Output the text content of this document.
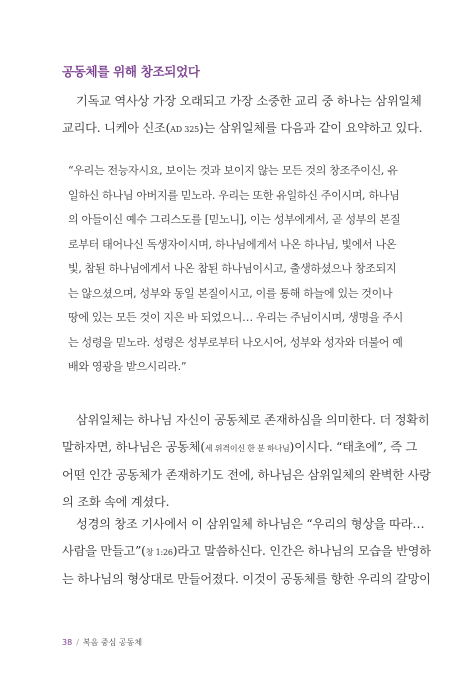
공동체를 위해 창조되었다

기독교 역사상 가장 오래되고 가장 소중한 교리 중 하나는 삼위일체
교리다. 니케아 신조(AD 325)는 삼위일체를 다음과 같이 요약하고 있다.

“우리는 전능자시요, 보이는 것과 보이지 않는 모든 것의 창조주이신, 유
일하신 하나님 아버지를 믿노라. 우리는 또한 유일하신 주이시며, 하나님
의 아들이신 예수 그리스도를 [믿노니], 이는 성부에게서, 곧 성부의 본질
로부터 태어나신 독생자이시며, 하나님에게서 나온 하나님, 빛에서 나온
빛, 참된 하나님에게서 나온 참된 하나님이시고, 출생하셨으나 창조되지
는 않으셨으며, 성부와 동일 본질이시고, 이를 통해 하늘에 있는 것이나
땅에 있는 모든 것이 지은 바 되었으니… 우리는 주님이시며, 생명을 주시
는 성령을 믿노라. 성령은 성부로부터 나오시어, 성부와 성자와 더불어 예
배와 영광을 받으시리라.”

삼위일체는 하나님 자신이 공동체로 존재하심을 의미한다. 더 정확히
말하자면, 하나님은 공동체(세 위격이신 한 분 하나님)이시다. “태초에”, 즉 그
어떤 인간 공동체가 존재하기도 전에, 하나님은 삼위일체의 완벽한 사랑
의 조화 속에 계셨다.

성경의 창조 기사에서 이 삼위일체 하나님은 “우리의 형상을 따라…
사람을 만들고”(창 1:26)라고 말씀하신다. 인간은 하나님의 모습을 반영하
는 하나님의 형상대로 만들어졌다. 이것이 공동체를 향한 우리의 갈망이

38 / 복음 중심 공동체
